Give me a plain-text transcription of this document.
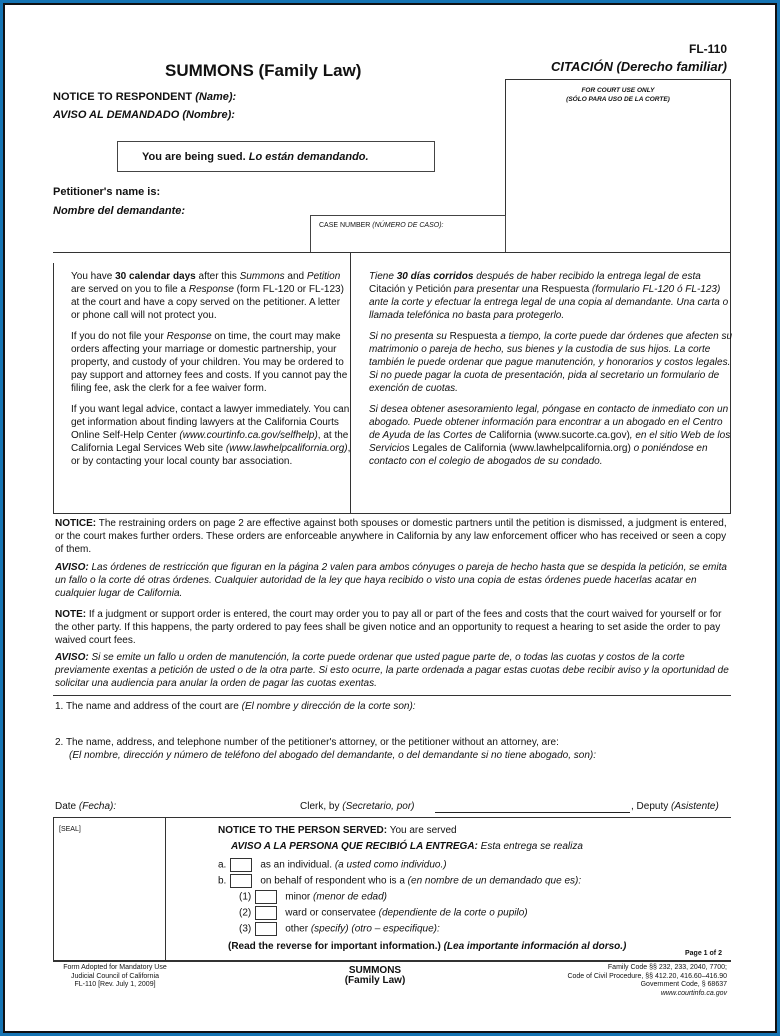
SUMMONS (Family Law)
FL-110
CITACIÓN (Derecho familiar)
NOTICE TO RESPONDENT (Name):
AVISO AL DEMANDADO (Nombre):
FOR COURT USE ONLY
(SÓLO PARA USO DE LA CORTE)
You are being sued. Lo están demandando.
Petitioner's name is:
Nombre del demandante:
CASE NUMBER (NÚMERO DE CASO):

You have 30 calendar days after this Summons and Petition are served on you to file a Response (form FL-120 or FL-123) at the court and have a copy served on the petitioner. A letter or phone call will not protect you.

If you do not file your Response on time, the court may make orders affecting your marriage or domestic partnership, your property, and custody of your children. You may be ordered to pay support and attorney fees and costs. If you cannot pay the filing fee, ask the clerk for a fee waiver form.

If you want legal advice, contact a lawyer immediately. You can get information about finding lawyers at the California Courts Online Self-Help Center (www.courtinfo.ca.gov/selfhelp), at the California Legal Services Web site (www.lawhelpcalifornia.org), or by contacting your local county bar association.

Tiene 30 días corridos después de haber recibido la entrega legal de esta Citación y Petición para presentar una Respuesta (formulario FL-120 ó FL-123) ante la corte y efectuar la entrega legal de una copia al demandante. Una carta o llamada telefónica no basta para protegerlo.

Si no presenta su Respuesta a tiempo, la corte puede dar órdenes que afecten su matrimonio o pareja de hecho, sus bienes y la custodia de sus hijos. La corte también le puede ordenar que pague manutención, y honorarios y costos legales. Si no puede pagar la cuota de presentación, pida al secretario un formulario de exención de cuotas.

Si desea obtener asesoramiento legal, póngase en contacto de inmediato con un abogado. Puede obtener información para encontrar a un abogado en el Centro de Ayuda de las Cortes de California (www.sucorte.ca.gov), en el sitio Web de los Servicios Legales de California (www.lawhelpcalifornia.org) o poniéndose en contacto con el colegio de abogados de su condado.

NOTICE: The restraining orders on page 2 are effective against both spouses or domestic partners until the petition is dismissed, a judgment is entered, or the court makes further orders. These orders are enforceable anywhere in California by any law enforcement officer who has received or seen a copy of them.
AVISO: Las órdenes de restricción que figuran en la página 2 valen para ambos cónyuges o pareja de hecho hasta que se despida la petición, se emita un fallo o la corte dé otras órdenes. Cualquier autoridad de la ley que haya recibido o visto una copia de estas órdenes puede hacerlas acatar en cualquier lugar de California.
NOTE: If a judgment or support order is entered, the court may order you to pay all or part of the fees and costs that the court waived for yourself or for the other party. If this happens, the party ordered to pay fees shall be given notice and an opportunity to request a hearing to set aside the order to pay waived court fees.
AVISO: Si se emite un fallo u orden de manutención, la corte puede ordenar que usted pague parte de, o todas las cuotas y costos de la corte previamente exentas a petición de usted o de la otra parte. Si esto ocurre, la parte ordenada a pagar estas cuotas debe recibir aviso y la oportunidad de solicitar una audiencia para anular la orden de pagar las cuotas exentas.
1. The name and address of the court are (El nombre y dirección de la corte son):
2. The name, address, and telephone number of the petitioner's attorney, or the petitioner without an attorney, are:
(El nombre, dirección y número de teléfono del abogado del demandante, o del demandante si no tiene abogado, son):
Date (Fecha):	Clerk, by (Secretario, por)	, Deputy (Asistente)
[SEAL]	NOTICE TO THE PERSON SERVED: You are served
AVISO A LA PERSONA QUE RECIBIÓ LA ENTREGA: Esta entrega se realiza
a.	as an individual. (a usted como individuo.)
b.	on behalf of respondent who is a (en nombre de un demandado que es):
(1)	minor (menor de edad)
(2)	ward or conservatee (dependiente de la corte o pupilo)
(3)	other (specify) (otro – especifique):
(Read the reverse for important information.) (Lea importante información al dorso.)
Page 1 of 2
Form Adopted for Mandatory Use
Judicial Council of California
FL-110 [Rev. July 1, 2009]
SUMMONS
(Family Law)
Family Code §§ 232, 233, 2040, 7700;
Code of Civil Procedure, §§ 412.20, 416.60–416.90
Government Code, § 68637
www.courtinfo.ca.gov
